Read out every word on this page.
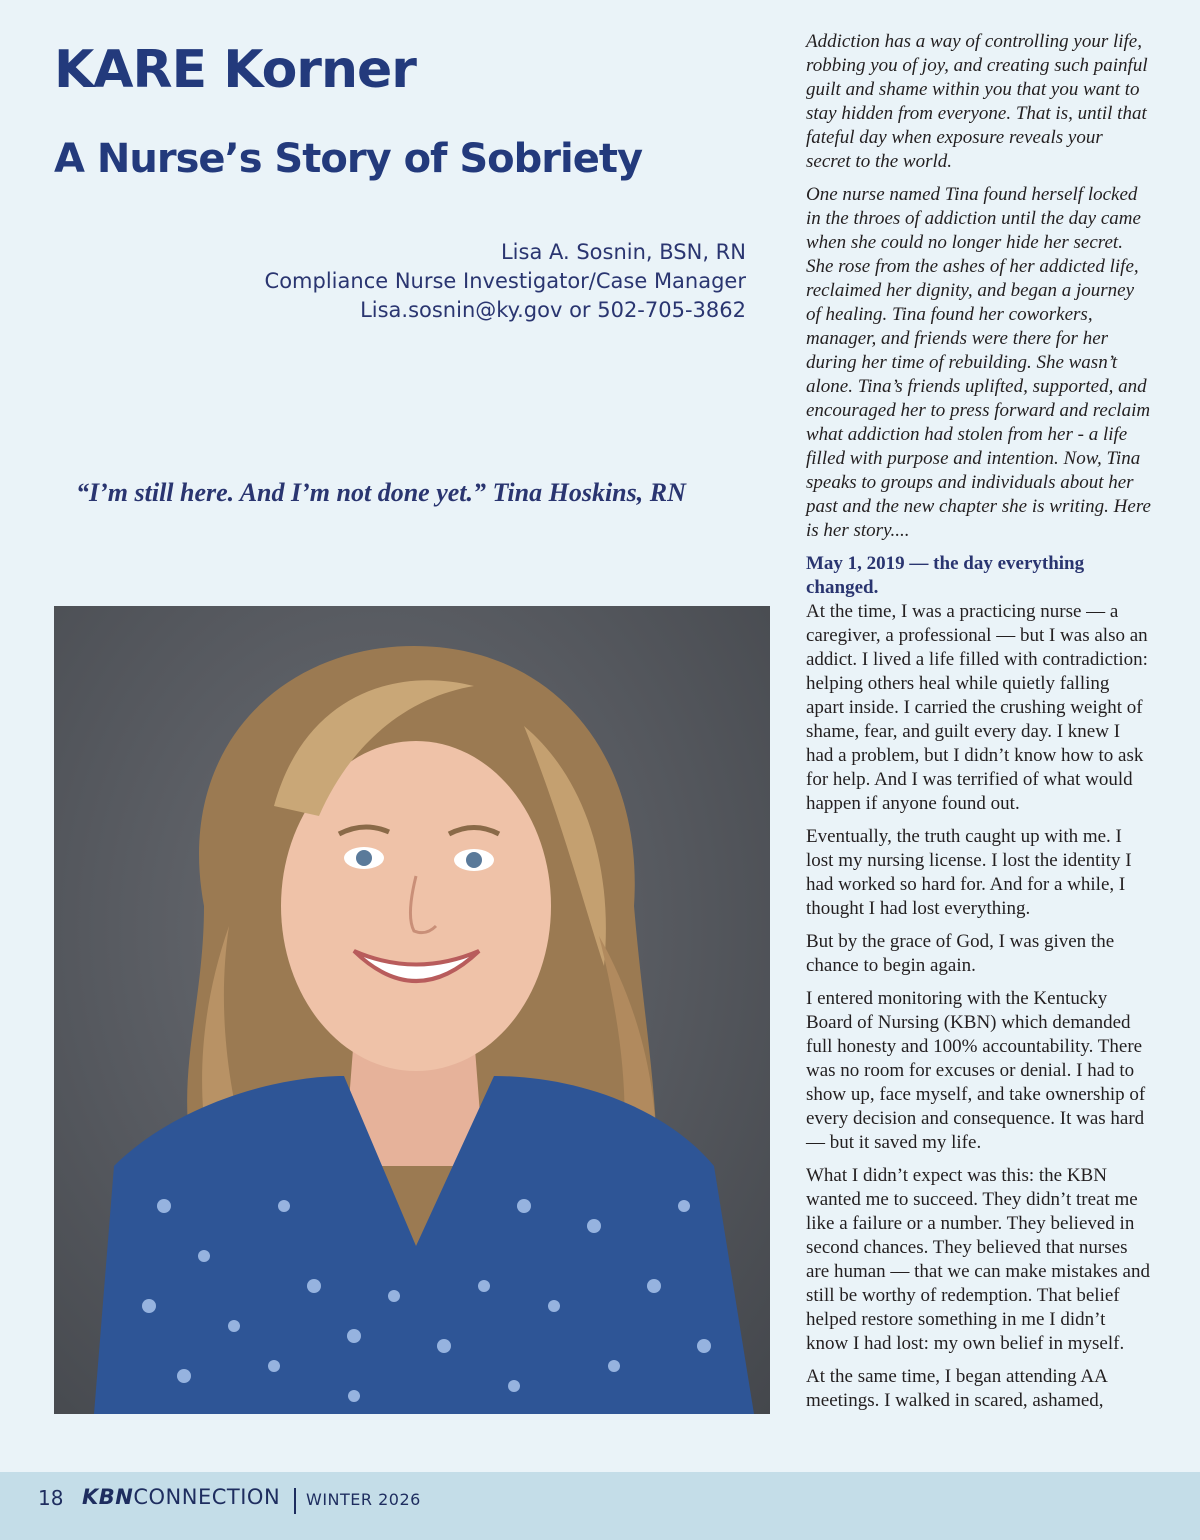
KARE Korner
A Nurse’s Story of Sobriety
Lisa A. Sosnin, BSN, RN
Compliance Nurse Investigator/Case Manager
Lisa.sosnin@ky.gov or 502-705-3862

“I’m still here. And I’m not done yet.” Tina Hoskins, RN

Addiction has a way of controlling your life, robbing you of joy, and creating such painful guilt and shame within you that you want to stay hidden from everyone. That is, until that fateful day when exposure reveals your secret to the world.

One nurse named Tina found herself locked in the throes of addiction until the day came when she could no longer hide her secret. She rose from the ashes of her addicted life, reclaimed her dignity, and began a journey of healing. Tina found her coworkers, manager, and friends were there for her during her time of rebuilding. She wasn’t alone. Tina’s friends uplifted, supported, and encouraged her to press forward and reclaim what addiction had stolen from her - a life filled with purpose and intention. Now, Tina speaks to groups and individuals about her past and the new chapter she is writing. Here is her story....

May 1, 2019 — the day everything changed.

At the time, I was a practicing nurse — a caregiver, a professional — but I was also an addict. I lived a life filled with contradiction: helping others heal while quietly falling apart inside. I carried the crushing weight of shame, fear, and guilt every day. I knew I had a problem, but I didn’t know how to ask for help. And I was terrified of what would happen if anyone found out.

Eventually, the truth caught up with me. I lost my nursing license. I lost the identity I had worked so hard for. And for a while, I thought I had lost everything.

But by the grace of God, I was given the chance to begin again.

I entered monitoring with the Kentucky Board of Nursing (KBN) which demanded full honesty and 100% accountability. There was no room for excuses or denial. I had to show up, face myself, and take ownership of every decision and consequence. It was hard — but it saved my life.

What I didn’t expect was this: the KBN wanted me to succeed. They didn’t treat me like a failure or a number. They believed in second chances. They believed that nurses are human — that we can make mistakes and still be worthy of redemption. That belief helped restore something in me I didn’t know I had lost: my own belief in myself.

At the same time, I began attending AA meetings. I walked in scared, ashamed,

18 KBNCONNECTION WINTER 2026
